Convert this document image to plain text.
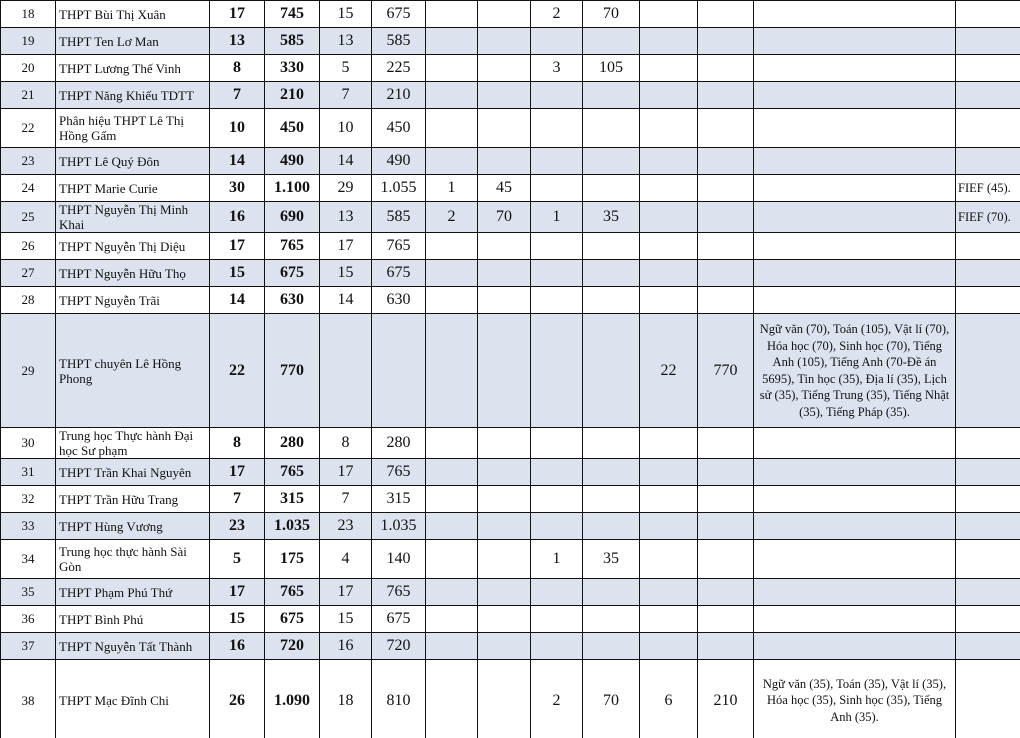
18	THPT Bùi Thị Xuân	17	745	15	675			2	70				
19	THPT Ten Lơ Man	13	585	13	585								
20	THPT Lương Thế Vinh	8	330	5	225			3	105				
21	THPT Năng Khiếu TDTT	7	210	7	210								
22	Phân hiệu THPT Lê Thị Hồng Gấm	10	450	10	450								
23	THPT Lê Quý Đôn	14	490	14	490								
24	THPT Marie Curie	30	1.100	29	1.055	1	45						FIEF (45).
25	THPT Nguyễn Thị Minh Khai	16	690	13	585	2	70	1	35				FIEF (70).
26	THPT Nguyễn Thị Diệu	17	765	17	765								
27	THPT Nguyễn Hữu Thọ	15	675	15	675								
28	THPT Nguyễn Trãi	14	630	14	630								
29	THPT chuyên Lê Hồng Phong	22	770							22	770	Ngữ văn (70), Toán (105), Vật lí (70), Hóa học (70), Sinh học (70), Tiếng Anh (105), Tiếng Anh (70-Đề án 5695), Tin học (35), Địa lí (35), Lịch sử (35), Tiếng Trung (35), Tiếng Nhật (35), Tiếng Pháp (35).	
30	Trung học Thực hành Đại học Sư phạm	8	280	8	280								
31	THPT Trần Khai Nguyên	17	765	17	765								
32	THPT Trần Hữu Trang	7	315	7	315								
33	THPT Hùng Vương	23	1.035	23	1.035								
34	Trung học thực hành Sài Gòn	5	175	4	140			1	35				
35	THPT Phạm Phú Thứ	17	765	17	765								
36	THPT Bình Phú	15	675	15	675								
37	THPT Nguyễn Tất Thành	16	720	16	720								
38	THPT Mạc Đĩnh Chi	26	1.090	18	810			2	70	6	210	Ngữ văn (35), Toán (35), Vật lí (35), Hóa học (35), Sinh học (35), Tiếng Anh (35).	
